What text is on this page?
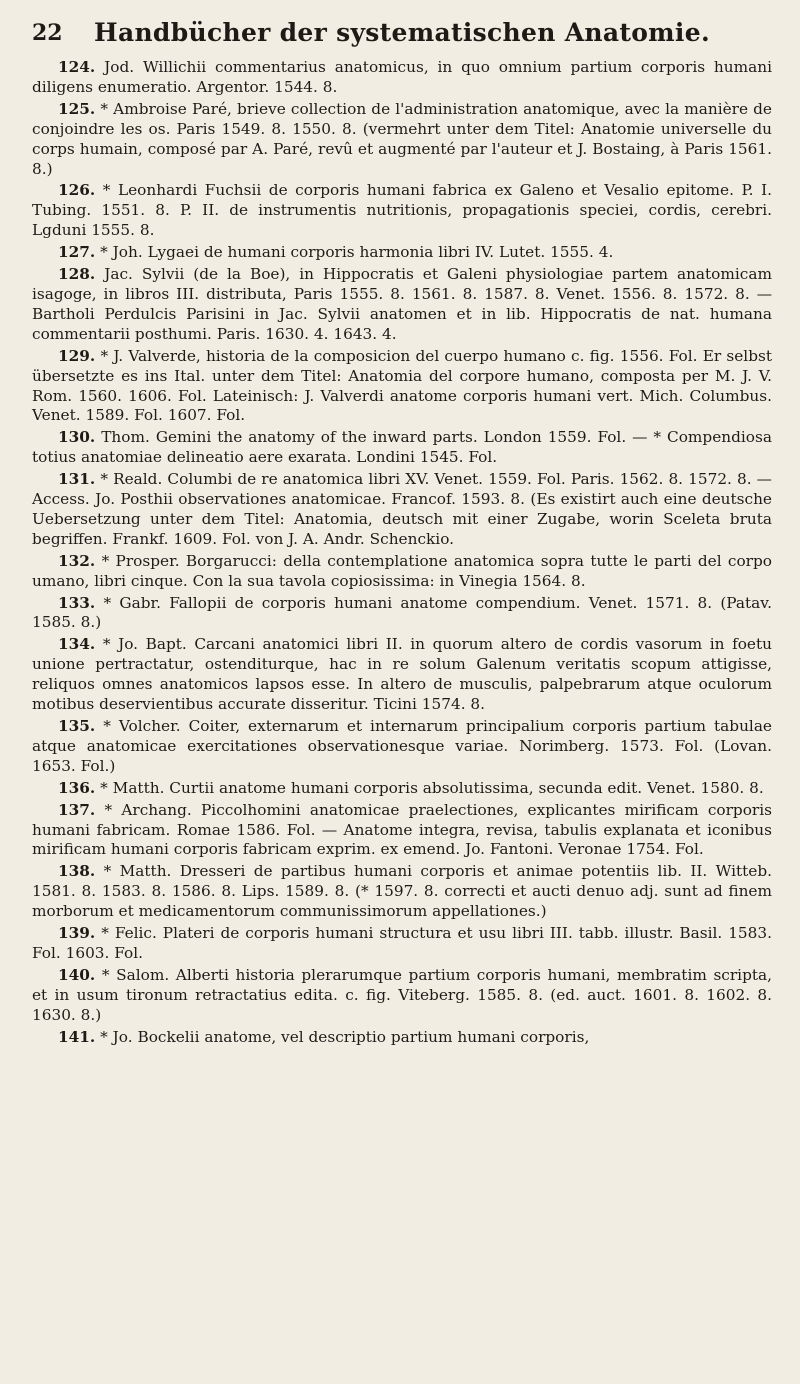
22	Handbücher der systematischen Anatomie.

124. Jod. Willichii commentarius anatomicus, in quo omnium partium corporis humani diligens enumeratio. Argentor. 1544. 8.

125. * Ambroise Paré, brieve collection de l'administration anatomique, avec la manière de conjoindre les os. Paris 1549. 8. 1550. 8. (vermehrt unter dem Titel: Anatomie universelle du corps humain, composé par A. Paré, revû et augmenté par l'auteur et J. Bostaing, à Paris 1561. 8.)

126. * Leonhardi Fuchsii de corporis humani fabrica ex Galeno et Vesalio epitome. P. I. Tubing. 1551. 8. P. II. de instrumentis nutritionis, propagationis speciei, cordis, cerebri. Lgduni 1555. 8.

127. * Joh. Lygaei de humani corporis harmonia libri IV. Lutet. 1555. 4.

128. Jac. Sylvii (de la Boe), in Hippocratis et Galeni physiologiae partem anatomicam isagoge, in libros III. distributa, Paris 1555. 8. 1561. 8. 1587. 8. Venet. 1556. 8. 1572. 8. — Bartholi Perdulcis Parisini in Jac. Sylvii anatomen et in lib. Hippocratis de nat. humana commentarii posthumi. Paris. 1630. 4. 1643. 4.

129. * J. Valverde, historia de la composicion del cuerpo humano c. fig. 1556. Fol. Er selbst übersetzte es ins Ital. unter dem Titel: Anatomia del corpore humano, composta per M. J. V. Rom. 1560. 1606. Fol. Lateinisch: J. Valverdi anatome corporis humani vert. Mich. Columbus. Venet. 1589. Fol. 1607. Fol.

130. Thom. Gemini the anatomy of the inward parts. London 1559. Fol. — * Compendiosa totius anatomiae delineatio aere exarata. Londini 1545. Fol.

131. * Reald. Columbi de re anatomica libri XV. Venet. 1559. Fol. Paris. 1562. 8. 1572. 8. — Access. Jo. Posthii observationes anatomicae. Francof. 1593. 8. (Es existirt auch eine deutsche Uebersetzung unter dem Titel: Anatomia, deutsch mit einer Zugabe, worin Sceleta bruta begriffen. Frankf. 1609. Fol. von J. A. Andr. Schenckio.

132. * Prosper. Borgarucci: della contemplatione anatomica sopra tutte le parti del corpo umano, libri cinque. Con la sua tavola copiosissima: in Vinegia 1564. 8.

133. * Gabr. Fallopii de corporis humani anatome compendium. Venet. 1571. 8. (Patav. 1585. 8.)

134. * Jo. Bapt. Carcani anatomici libri II. in quorum altero de cordis vasorum in foetu unione pertractatur, ostenditurque, hac in re solum Galenum veritatis scopum attigisse, reliquos omnes anatomicos lapsos esse. In altero de musculis, palpebrarum atque oculorum motibus deservientibus accurate disseritur. Ticini 1574. 8.

135. * Volcher. Coiter, externarum et internarum principalium corporis partium tabulae atque anatomicae exercitationes observationesque variae. Norimberg. 1573. Fol. (Lovan. 1653. Fol.)

136. * Matth. Curtii anatome humani corporis absolutissima, secunda edit. Venet. 1580. 8.

137. * Archang. Piccolhomini anatomicae praelectiones, explicantes mirificam corporis humani fabricam. Romae 1586. Fol. — Anatome integra, revisa, tabulis explanata et iconibus mirificam humani corporis fabricam exprim. ex emend. Jo. Fantoni. Veronae 1754. Fol.

138. * Matth. Dresseri de partibus humani corporis et animae potentiis lib. II. Witteb. 1581. 8. 1583. 8. 1586. 8. Lips. 1589. 8. (* 1597. 8. correcti et aucti denuo adj. sunt ad finem morborum et medicamentorum communissimorum appellationes.)

139. * Felic. Plateri de corporis humani structura et usu libri III. tabb. illustr. Basil. 1583. Fol. 1603. Fol.

140. * Salom. Alberti historia plerarumque partium corporis humani, membratim scripta, et in usum tironum retractatius edita. c. fig. Viteberg. 1585. 8. (ed. auct. 1601. 8. 1602. 8. 1630. 8.)

141. * Jo. Bockelii anatome, vel descriptio partium humani corporis,
